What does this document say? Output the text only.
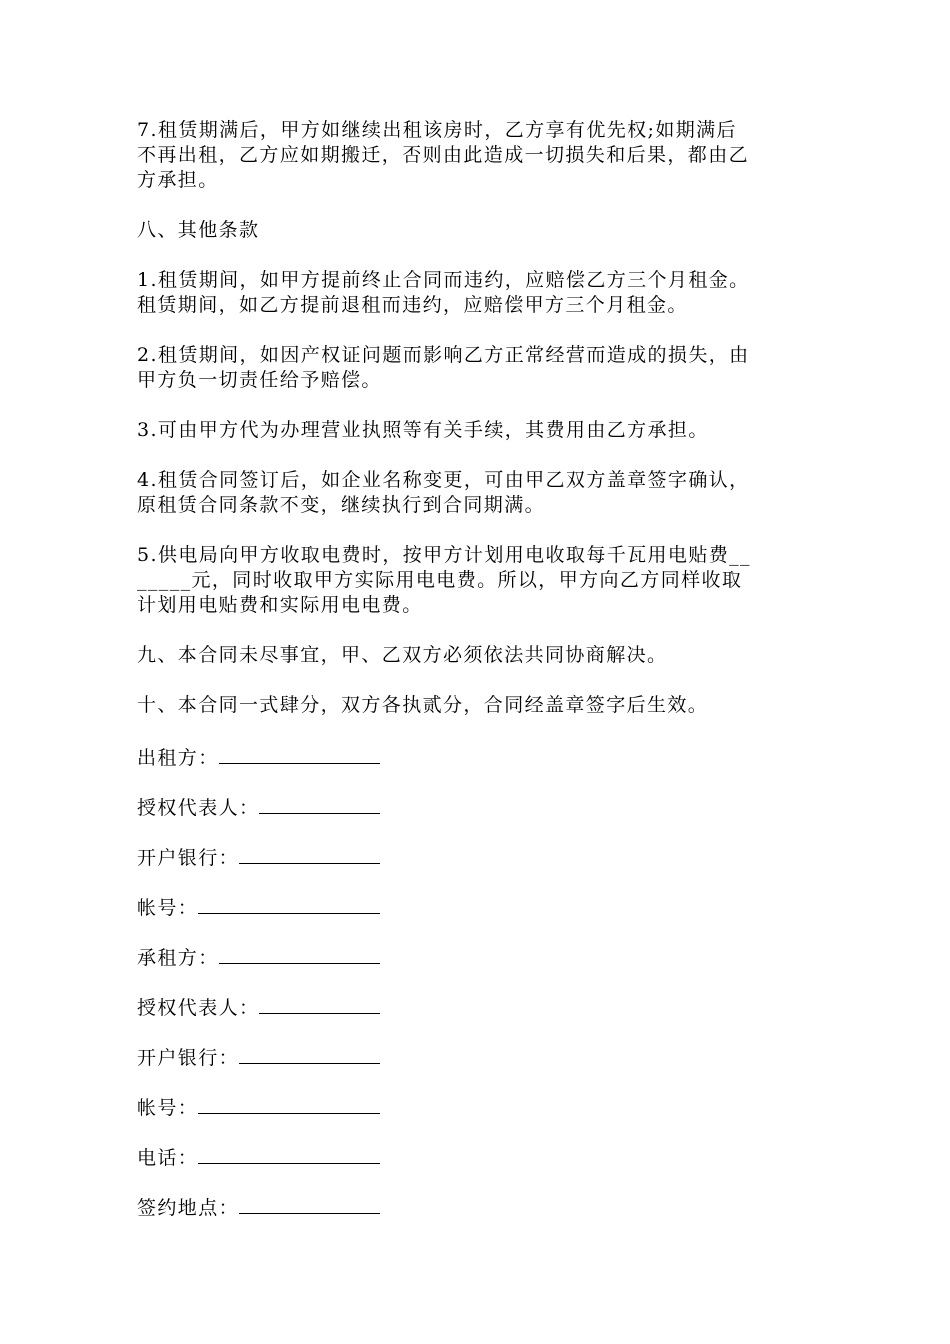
7.租赁期满后，甲方如继续出租该房时，乙方享有优先权;如期满后
不再出租，乙方应如期搬迁，否则由此造成一切损失和后果，都由乙
方承担。
八、其他条款
1.租赁期间，如甲方提前终止合同而违约，应赔偿乙方三个月租金。
租赁期间，如乙方提前退租而违约，应赔偿甲方三个月租金。
2.租赁期间，如因产权证问题而影响乙方正常经营而造成的损失，由
甲方负一切责任给予赔偿。
3.可由甲方代为办理营业执照等有关手续，其费用由乙方承担。
4.租赁合同签订后，如企业名称变更，可由甲乙双方盖章签字确认，
原租赁合同条款不变，继续执行到合同期满。
5.供电局向甲方收取电费时，按甲方计划用电收取每千瓦用电贴费__
_____元，同时收取甲方实际用电电费。所以，甲方向乙方同样收取
计划用电贴费和实际用电电费。
九、本合同未尽事宜，甲、乙双方必须依法共同协商解决。
十、本合同一式肆分，双方各执贰分，合同经盖章签字后生效。
出租方：
授权代表人：
开户银行：
帐号：
承租方：
授权代表人：
开户银行：
帐号：
电话：
签约地点：
